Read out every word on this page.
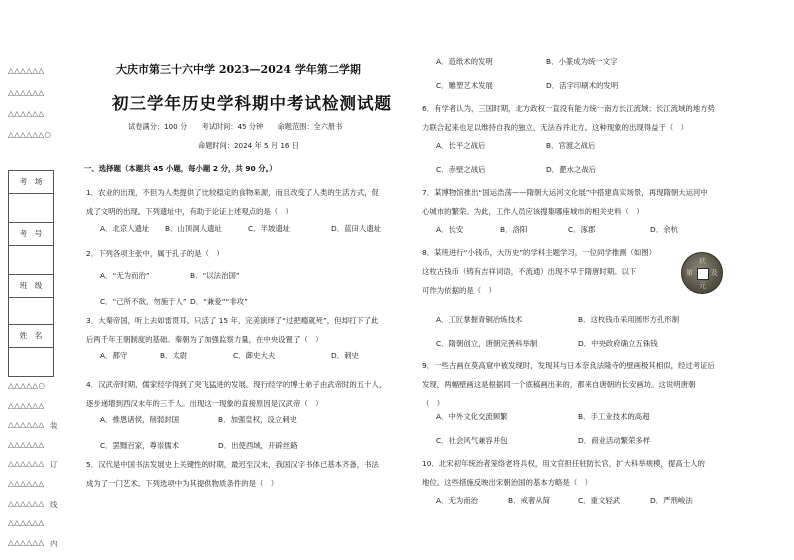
△△△△△△
△△△△△△
△△△△△△
△△△△△△○
考　场
考　号
班　级
姓　名
△△△△△○
△△△△△△
△△△△△△ 装
△△△△△△
△△△△△△ 订
△△△△△△
△△△△△△ 线
△△△△△△
△△△△△△ 内
大庆市第三十六中学 2023—2024 学年第二学期
初三学年历史学科期中考试检测试题
试卷满分：100 分　　考试时间：45 分钟　　命题范围：全六册书
命题时间：2024 年 5 月 16 日
一、选择题（本题共 45 小题，每小题 2 分，共 90 分。）
1．农业的出现，不但为人类提供了比较稳定的食物来源，而且改变了人类的生活方式，促
成了文明的出现。下列遗址中，有助于论证上述观点的是（　）
A．北京人遗址 B．山顶洞人遗址	C．半坡遗址	D．蓝田人遗址
2．下列各项主张中，属于孔子的是（　）
A．“无为而治”	B．“以法治国”
C．“己所不欲，勿施于人” D．“兼爱”“非攻”
3．大秦帝国，听上去如雷贯耳，只活了 15 年，完美演绎了“过把瘾就死”，但却打下了此
后两千年王朝制度的基础。秦朝为了加强监察力量，在中央设置了（　）
A．都守	B．太尉	C．御史大夫	D．刺史
4．汉武帝时期，儒家经学得到了突飞猛进的发展。现行经学的博士弟子由武帝时的五十人，
逐步递增到西汉末年的三千人。出现这一现象的直接原因是汉武帝（　）
A．推恩诸侯，削弱封国	B．加强皇权，设立刺史
C．罢黜百家，尊崇儒术	D．出使西域，开辟丝路
5．汉代是中国书法发展史上关键性的时期，最迟至汉末，我国汉字书体已基本齐备，书法
成为了一门艺术。下列选项中为其提供物质条件的是（　）
A．造纸术的发明	B．小篆成为统一文字
C．雕塑艺术发展	D．活字印刷术的发明
6．有学者认为，三国时期，北方政权一直没有能力统一南方长江流域；长江流域的地方势
力联合起来也足以维持自我的独立，无法吞并北方。这种现象的出现得益于（　）
A．长平之战后	B．官渡之战后
C．赤壁之战后	D．淝水之战后
7．某博物馆推出“国运浩荡——隋朝大运河文化展”中搭建真实场景，再现隋朝大运河中
心城市的繁荣。为此，工作人员应该搜集哪座城市的相关史料（　）
A．长安	B．洛阳	C．涿郡	D．余杭
8．某班进行“小钱币，大历史”的学科主题学习，一位同学推测（如图）
这枚古钱币（铸有吉祥词语，不流通）出现不早于隋唐时期。以下
可作为依据的是（　）
A．工匠掌握青铜冶炼技术	B．这枚钱币采用圆形方孔形制
C．隋朝创立，唐朝完善科举制	D．中央政府确立五铢钱
9．一些古画在莫高窟中被发现时，发现其与日本奈良法隆寺的壁画极其相似，经过考证后
发现，两幅壁画这是根据同一个底稿画出来的，都来自唐朝的长安画坊。这说明唐朝
（　）
A．中外文化交流频繁	B．手工业技术的高超
C．社会风气兼容并包	D．商业活动繁荣多样
10．北宋初年统治者笼络老将兵权，用文官担任驻防长官，扩大科举规模，提高士人的
地位。这些措施反映出宋朝治国的基本方略是（　）
A．无为而治	B．戒奢从简	C．重文轻武	D．严刑峻法
状
元
及
第
